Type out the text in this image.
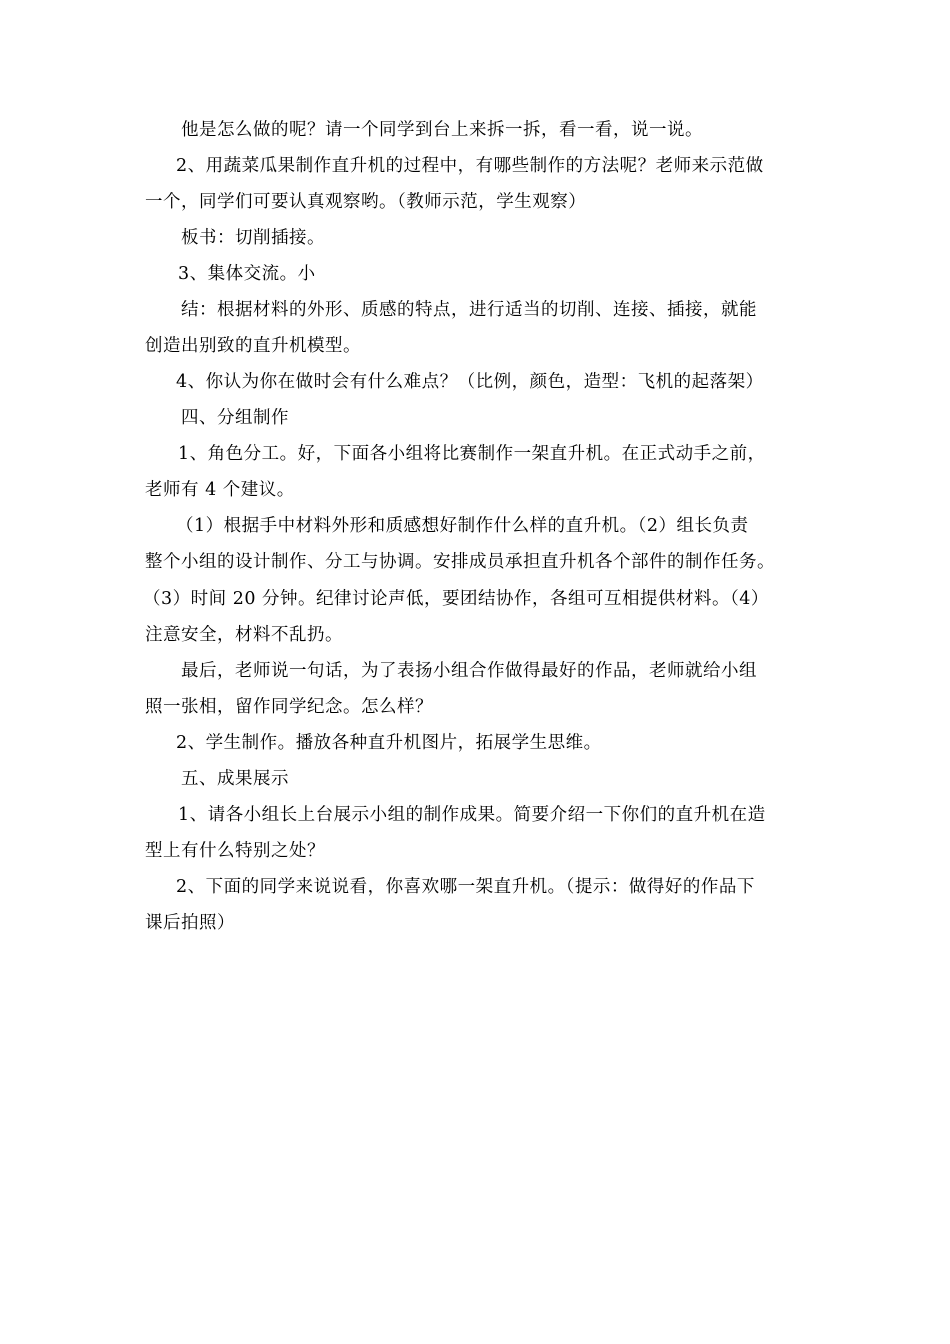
他是怎么做的呢？请一个同学到台上来拆一拆，看一看，说一说。
2、用蔬菜瓜果制作直升机的过程中，有哪些制作的方法呢？老师来示范做
一个，同学们可要认真观察哟。（教师示范，学生观察）
板书：切削插接。
3、集体交流。小
结：根据材料的外形、质感的特点，进行适当的切削、连接、插接，就能
创造出别致的直升机模型。
4、你认为你在做时会有什么难点？（比例，颜色，造型：飞机的起落架）
四、分组制作
1、角色分工。好，下面各小组将比赛制作一架直升机。在正式动手之前，
老师有 4 个建议。
（1）根据手中材料外形和质感想好制作什么样的直升机。（2）组长负责
整个小组的设计制作、分工与协调。安排成员承担直升机各个部件的制作任务。
（3）时间 20 分钟。纪律讨论声低，要团结协作，各组可互相提供材料。（4）
注意安全，材料不乱扔。
最后，老师说一句话，为了表扬小组合作做得最好的作品，老师就给小组
照一张相，留作同学纪念。怎么样？
2、学生制作。播放各种直升机图片，拓展学生思维。
五、成果展示
1、请各小组长上台展示小组的制作成果。简要介绍一下你们的直升机在造
型上有什么特别之处？
2、下面的同学来说说看，你喜欢哪一架直升机。（提示：做得好的作品下
课后拍照）
